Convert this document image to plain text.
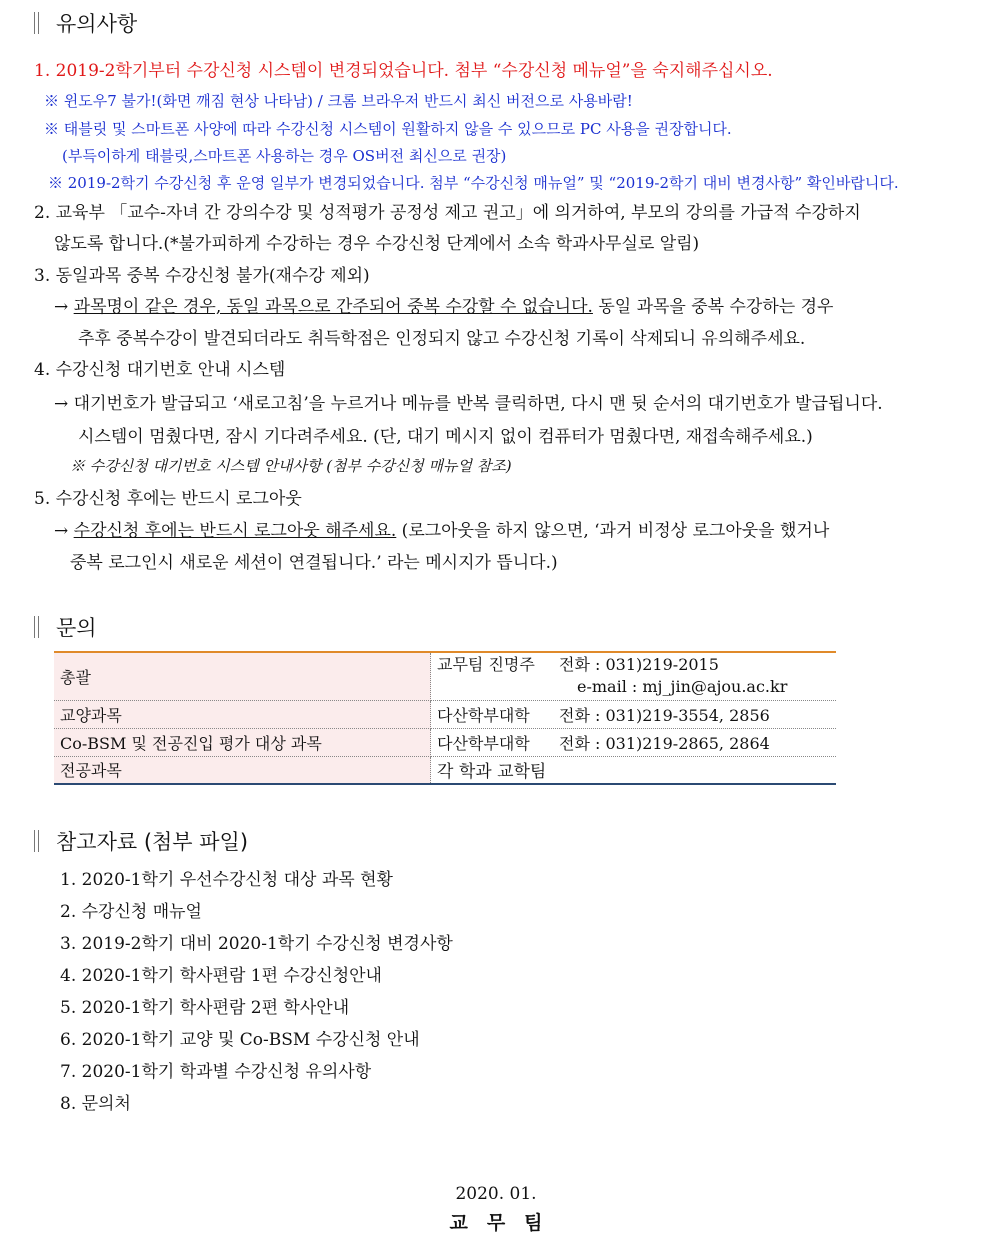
유의사항
1. 2019-2학기부터 수강신청 시스템이 변경되었습니다. 첨부 “수강신청 메뉴얼”을 숙지해주십시오.
※ 윈도우7 불가!(화면 깨짐 현상 나타남) / 크롬 브라우저 반드시 최신 버전으로 사용바람!
※ 태블릿 및 스마트폰 사양에 따라 수강신청 시스템이 원활하지 않을 수 있으므로 PC 사용을 권장합니다.
(부득이하게 태블릿,스마트폰 사용하는 경우 OS버전 최신으로 권장)
※ 2019-2학기 수강신청 후 운영 일부가 변경되었습니다. 첨부 “수강신청 매뉴얼” 및 “2019-2학기 대비 변경사항” 확인바랍니다.
2. 교육부 「교수-자녀 간 강의수강 및 성적평가 공정성 제고 권고」에 의거하여, 부모의 강의를 가급적 수강하지
않도록 합니다.(*불가피하게 수강하는 경우 수강신청 단계에서 소속 학과사무실로 알림)
3. 동일과목 중복 수강신청 불가(재수강 제외)
→ 과목명이 같은 경우, 동일 과목으로 간주되어 중복 수강할 수 없습니다. 동일 과목을 중복 수강하는 경우
추후 중복수강이 발견되더라도 취득학점은 인정되지 않고 수강신청 기록이 삭제되니 유의해주세요.
4. 수강신청 대기번호 안내 시스템
→ 대기번호가 발급되고 ‘새로고침’을 누르거나 메뉴를 반복 클릭하면, 다시 맨 뒷 순서의 대기번호가 발급됩니다.
시스템이 멈췄다면, 잠시 기다려주세요. (단, 대기 메시지 없이 컴퓨터가 멈췄다면, 재접속해주세요.)
※ 수강신청 대기번호 시스템 안내사항 (첨부 수강신청 매뉴얼 참조)
5. 수강신청 후에는 반드시 로그아웃
→ 수강신청 후에는 반드시 로그아웃 해주세요. (로그아웃을 하지 않으면, ‘과거 비정상 로그아웃을 했거나
중복 로그인시 새로운 세션이 연결됩니다.’ 라는 메시지가 뜹니다.)
문의
총괄	교무팀 진명주 전화 : 031)219-2015
e-mail : mj_jin@ajou.ac.kr
교양과목	다산학부대학 전화 : 031)219-3554, 2856
Co-BSM 및 전공진입 평가 대상 과목	다산학부대학 전화 : 031)219-2865, 2864
전공과목	각 학과 교학팀
참고자료 (첨부 파일)
1. 2020-1학기 우선수강신청 대상 과목 현황
2. 수강신청 매뉴얼
3. 2019-2학기 대비 2020-1학기 수강신청 변경사항
4. 2020-1학기 학사편람 1편 수강신청안내
5. 2020-1학기 학사편람 2편 학사안내
6. 2020-1학기 교양 및 Co-BSM 수강신청 안내
7. 2020-1학기 학과별 수강신청 유의사항
8. 문의처
2020. 01.
교　무　팀
